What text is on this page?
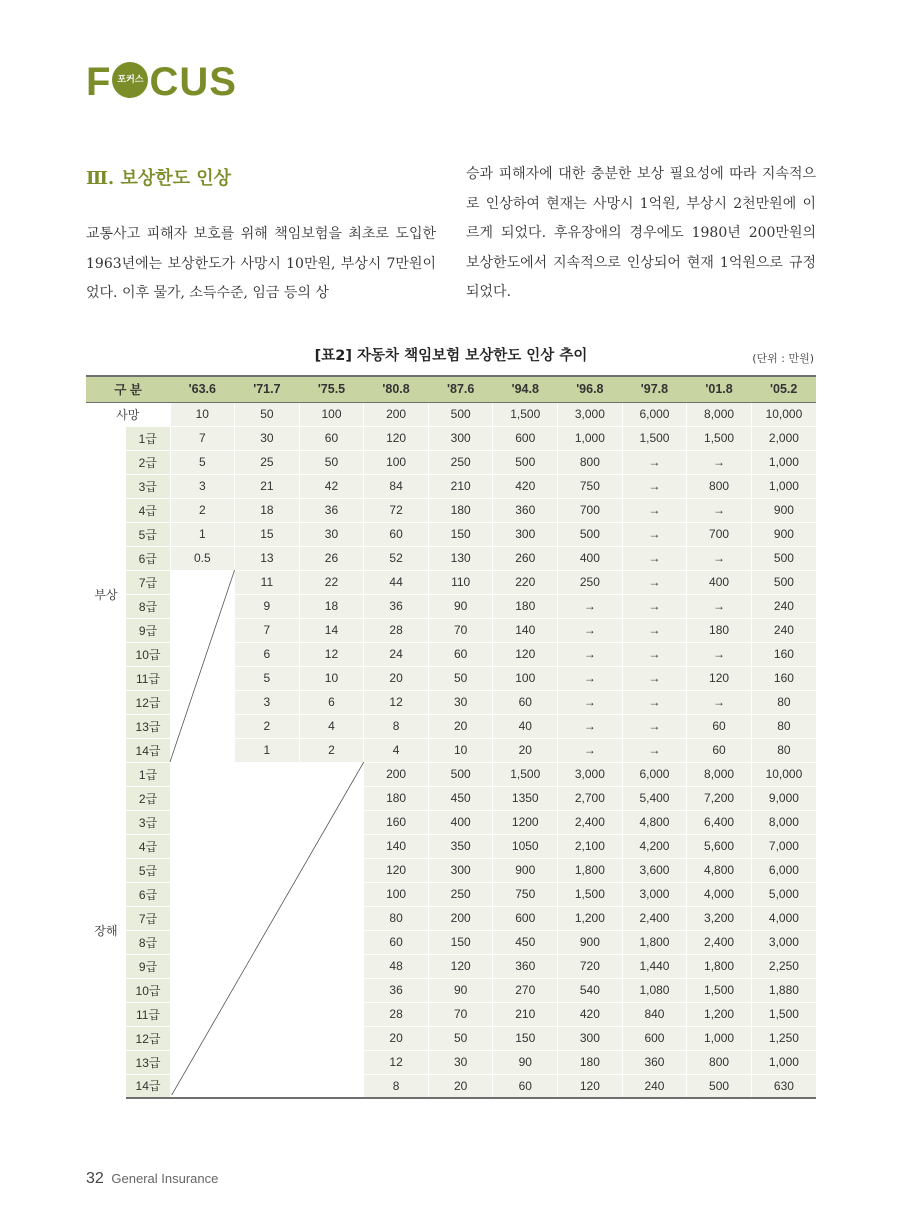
F 포커스 CUS
Ⅲ. 보상한도 인상

교통사고 피해자 보호를 위해 책임보험을 최초로 도입한 1963년에는 보상한도가 사망시 10만원, 부상시 7만원이었다. 이후 물가, 소득수준, 임금 등의 상

승과 피해자에 대한 충분한 보상 필요성에 따라 지속적으로 인상하여 현재는 사망시 1억원, 부상시 2천만원에 이르게 되었다. 후유장애의 경우에도 1980년 200만원의 보상한도에서 지속적으로 인상되어 현재 1억원으로 규정되었다.

[표2] 자동차 책임보험 보상한도 인상 추이	(단위 : 만원)
구 분		'63.6	'71.7	'75.5	'80.8	'87.6	'94.8	'96.8	'97.8	'01.8	'05.2
사망		10	50	100	200	500	1,500	3,000	6,000	8,000	10,000
부상	1급	7	30	60	120	300	600	1,000	1,500	1,500	2,000
	2급	5	25	50	100	250	500	800	→	→	1,000
	3급	3	21	42	84	210	420	750	→	800	1,000
	4급	2	18	36	72	180	360	700	→	→	900
	5급	1	15	30	60	150	300	500	→	700	900
	6급	0.5	13	26	52	130	260	400	→	→	500
	7급		11	22	44	110	220	250	→	400	500
	8급		9	18	36	90	180	→	→	→	240
	9급		7	14	28	70	140	→	→	180	240
	10급		6	12	24	60	120	→	→	→	160
	11급		5	10	20	50	100	→	→	120	160
	12급		3	6	12	30	60	→	→	→	80
	13급		2	4	8	20	40	→	→	60	80
	14급		1	2	4	10	20	→	→	60	80
장해	1급				200	500	1,500	3,000	6,000	8,000	10,000
	2급				180	450	1350	2,700	5,400	7,200	9,000
	3급				160	400	1200	2,400	4,800	6,400	8,000
	4급				140	350	1050	2,100	4,200	5,600	7,000
	5급				120	300	900	1,800	3,600	4,800	6,000
	6급				100	250	750	1,500	3,000	4,000	5,000
	7급				80	200	600	1,200	2,400	3,200	4,000
	8급				60	150	450	900	1,800	2,400	3,000
	9급				48	120	360	720	1,440	1,800	2,250
	10급				36	90	270	540	1,080	1,500	1,880
	11급				28	70	210	420	840	1,200	1,500
	12급				20	50	150	300	600	1,000	1,250
	13급				12	30	90	180	360	800	1,000
	14급				8	20	60	120	240	500	630
32 General Insurance
